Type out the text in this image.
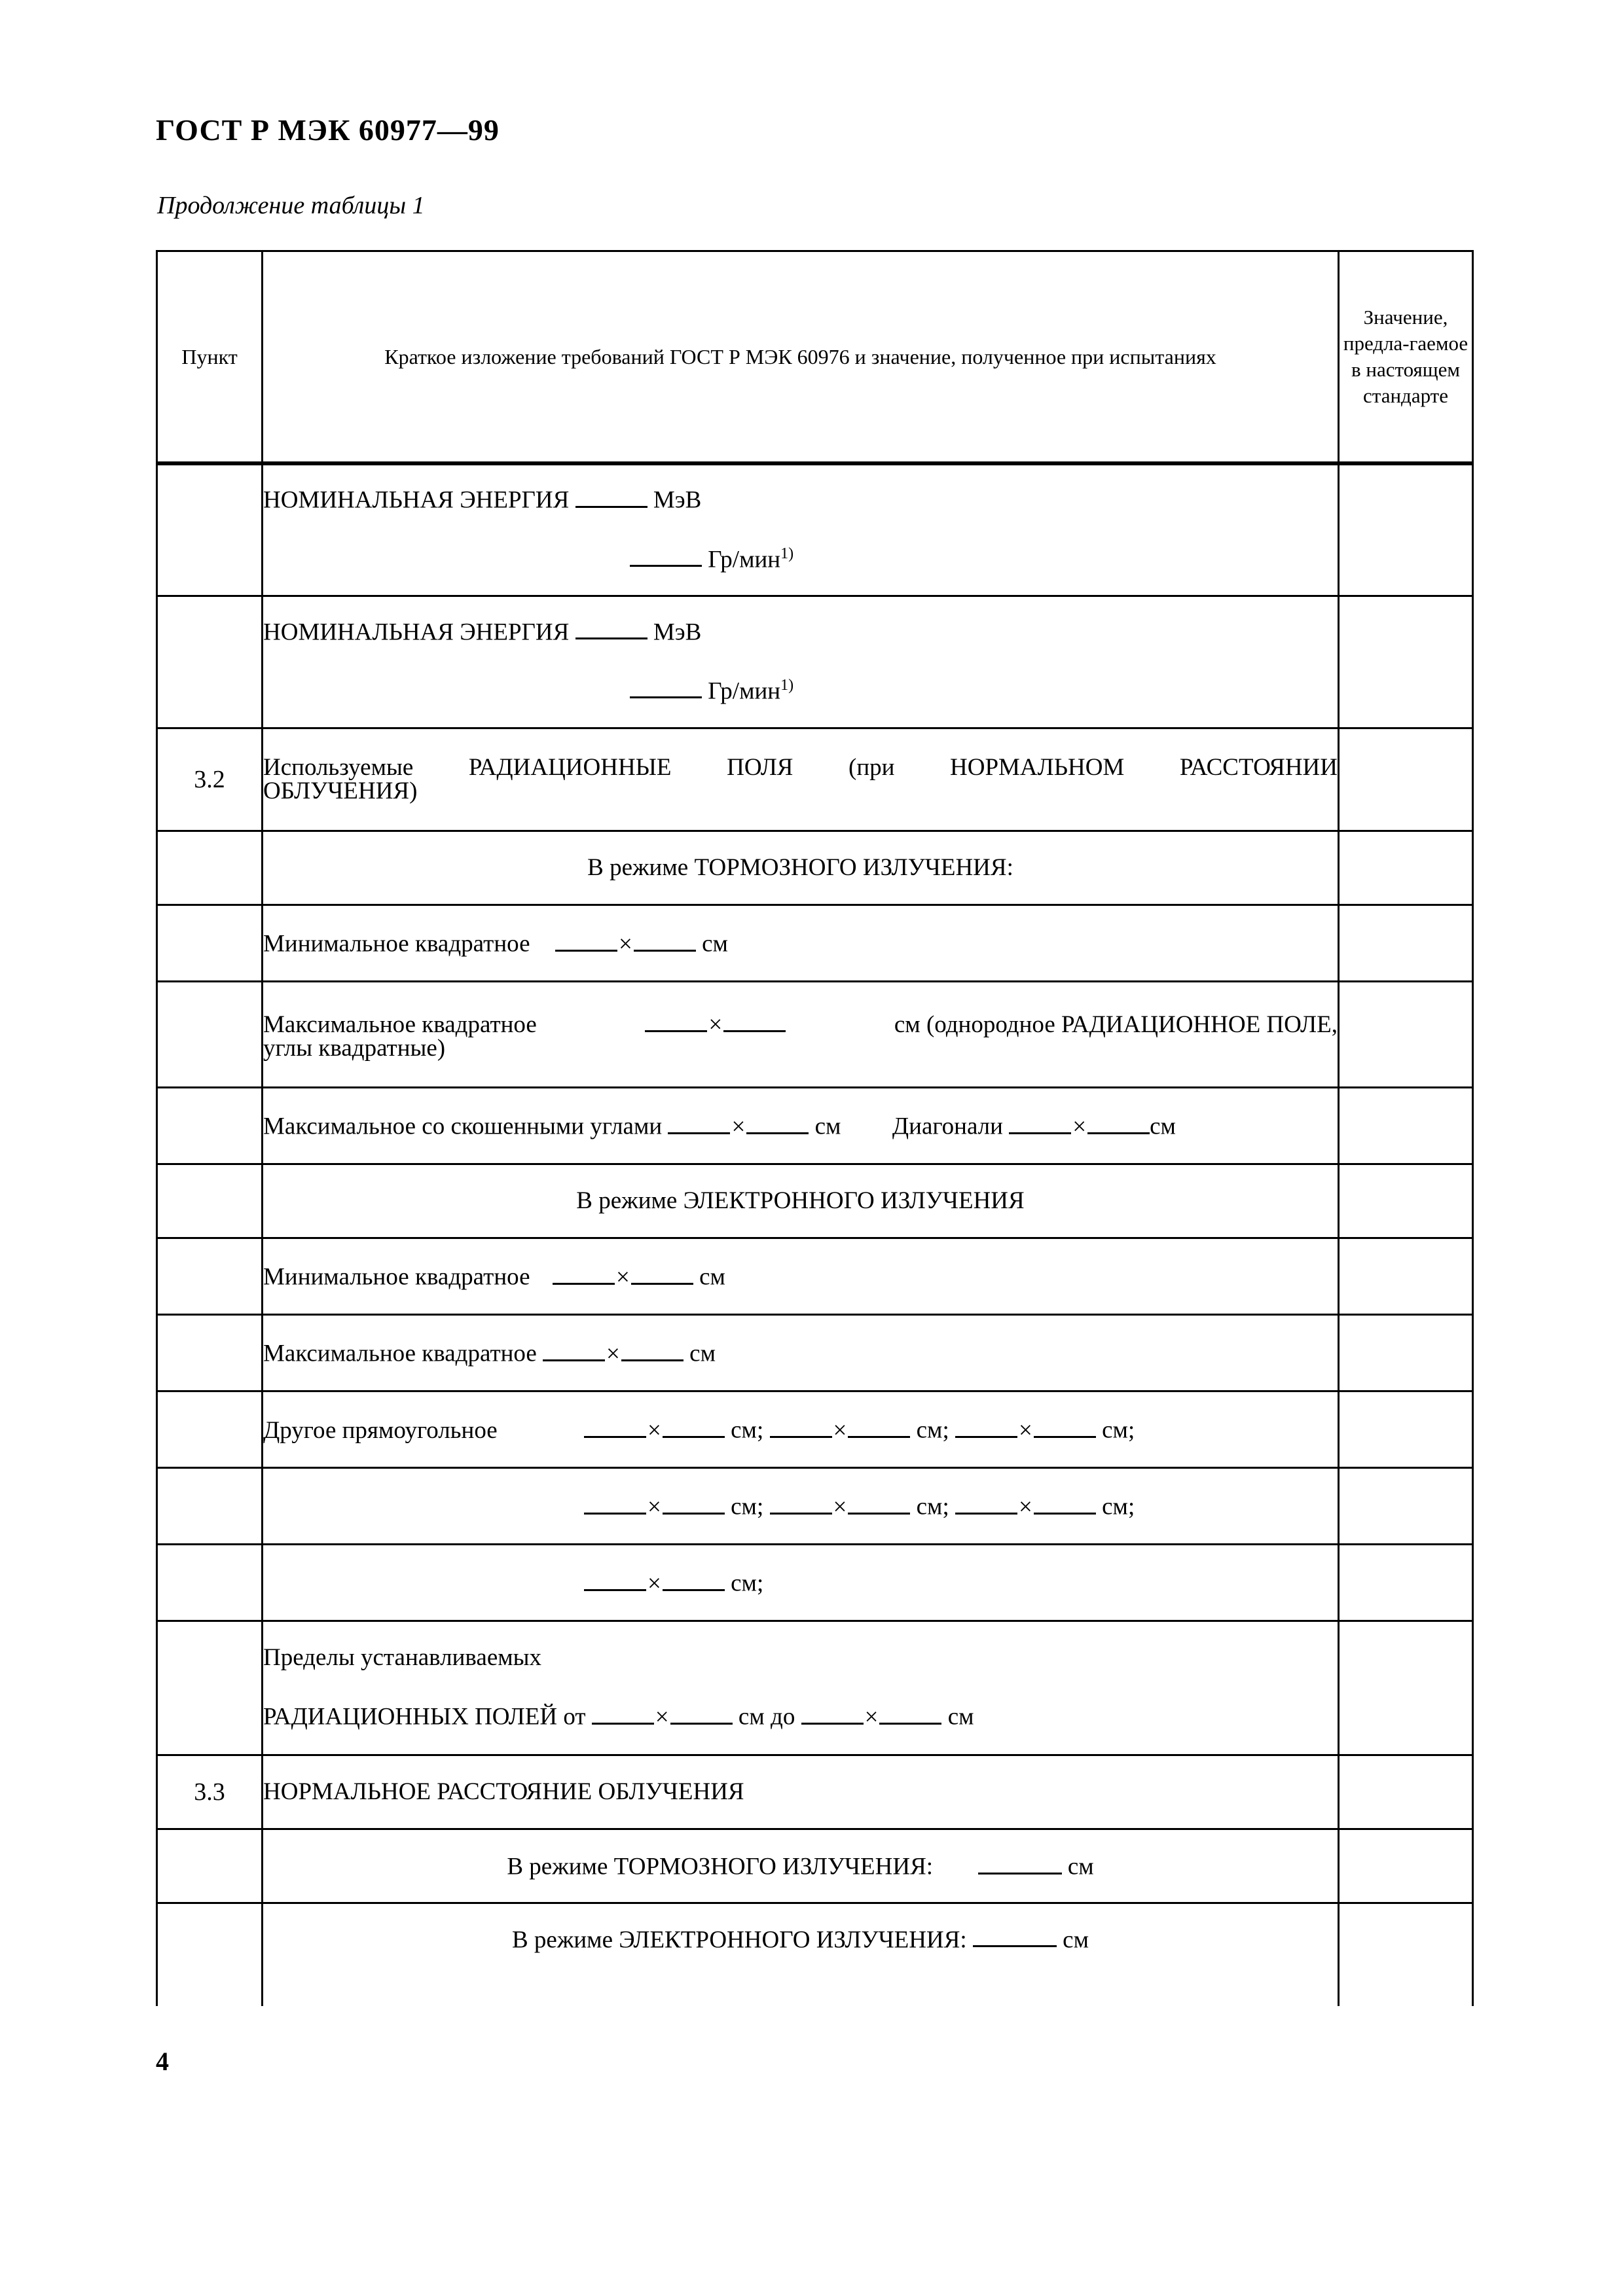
ГОСТ Р МЭК 60977—99
Продолжение таблицы 1
Пункт	Краткое изложение требований ГОСТ Р МЭК 60976 и значение, полученное при испытаниях	Значение, предла-гаемое в настоящем стандарте

	НОМИНАЛЬНАЯ ЭНЕРГИЯ МэВ
Гр/мин$^{1)}$

	НОМИНАЛЬНАЯ ЭНЕРГИЯ МэВ
Гр/мин$^{1)}$

3.2	Используемые РАДИАЦИОННЫЕ ПОЛЯ (при НОРМАЛЬНОМ РАССТОЯНИИ
ОБЛУЧЕНИЯ)	

	В режиме ТОРМОЗНОГО ИЗЛУЧЕНИЯ:	
	Минимальное квадратное × см	

	Максимальное квадратное × см (однородное РАДИАЦИОННОЕ ПОЛЕ,
углы квадратные)	

	Максимальное со скошенными углами × см Диагонали × см	
	В режиме ЭЛЕКТРОННОГО ИЗЛУЧЕНИЯ	
	Минимальное квадратное × см	
	Максимальное квадратное × см	
	Другое прямоугольное × см; × см; × см;	
	× см; × см; × см;	
	× см;	

	Пределы устанавливаемых
РАДИАЦИОННЫХ ПОЛЕЙ от × см до × см	

3.3	НОРМАЛЬНОЕ РАССТОЯНИЕ ОБЛУЧЕНИЯ	
	В режиме ТОРМОЗНОГО ИЗЛУЧЕНИЯ: см	
	В режиме ЭЛЕКТРОННОГО ИЗЛУЧЕНИЯ: см	
4
